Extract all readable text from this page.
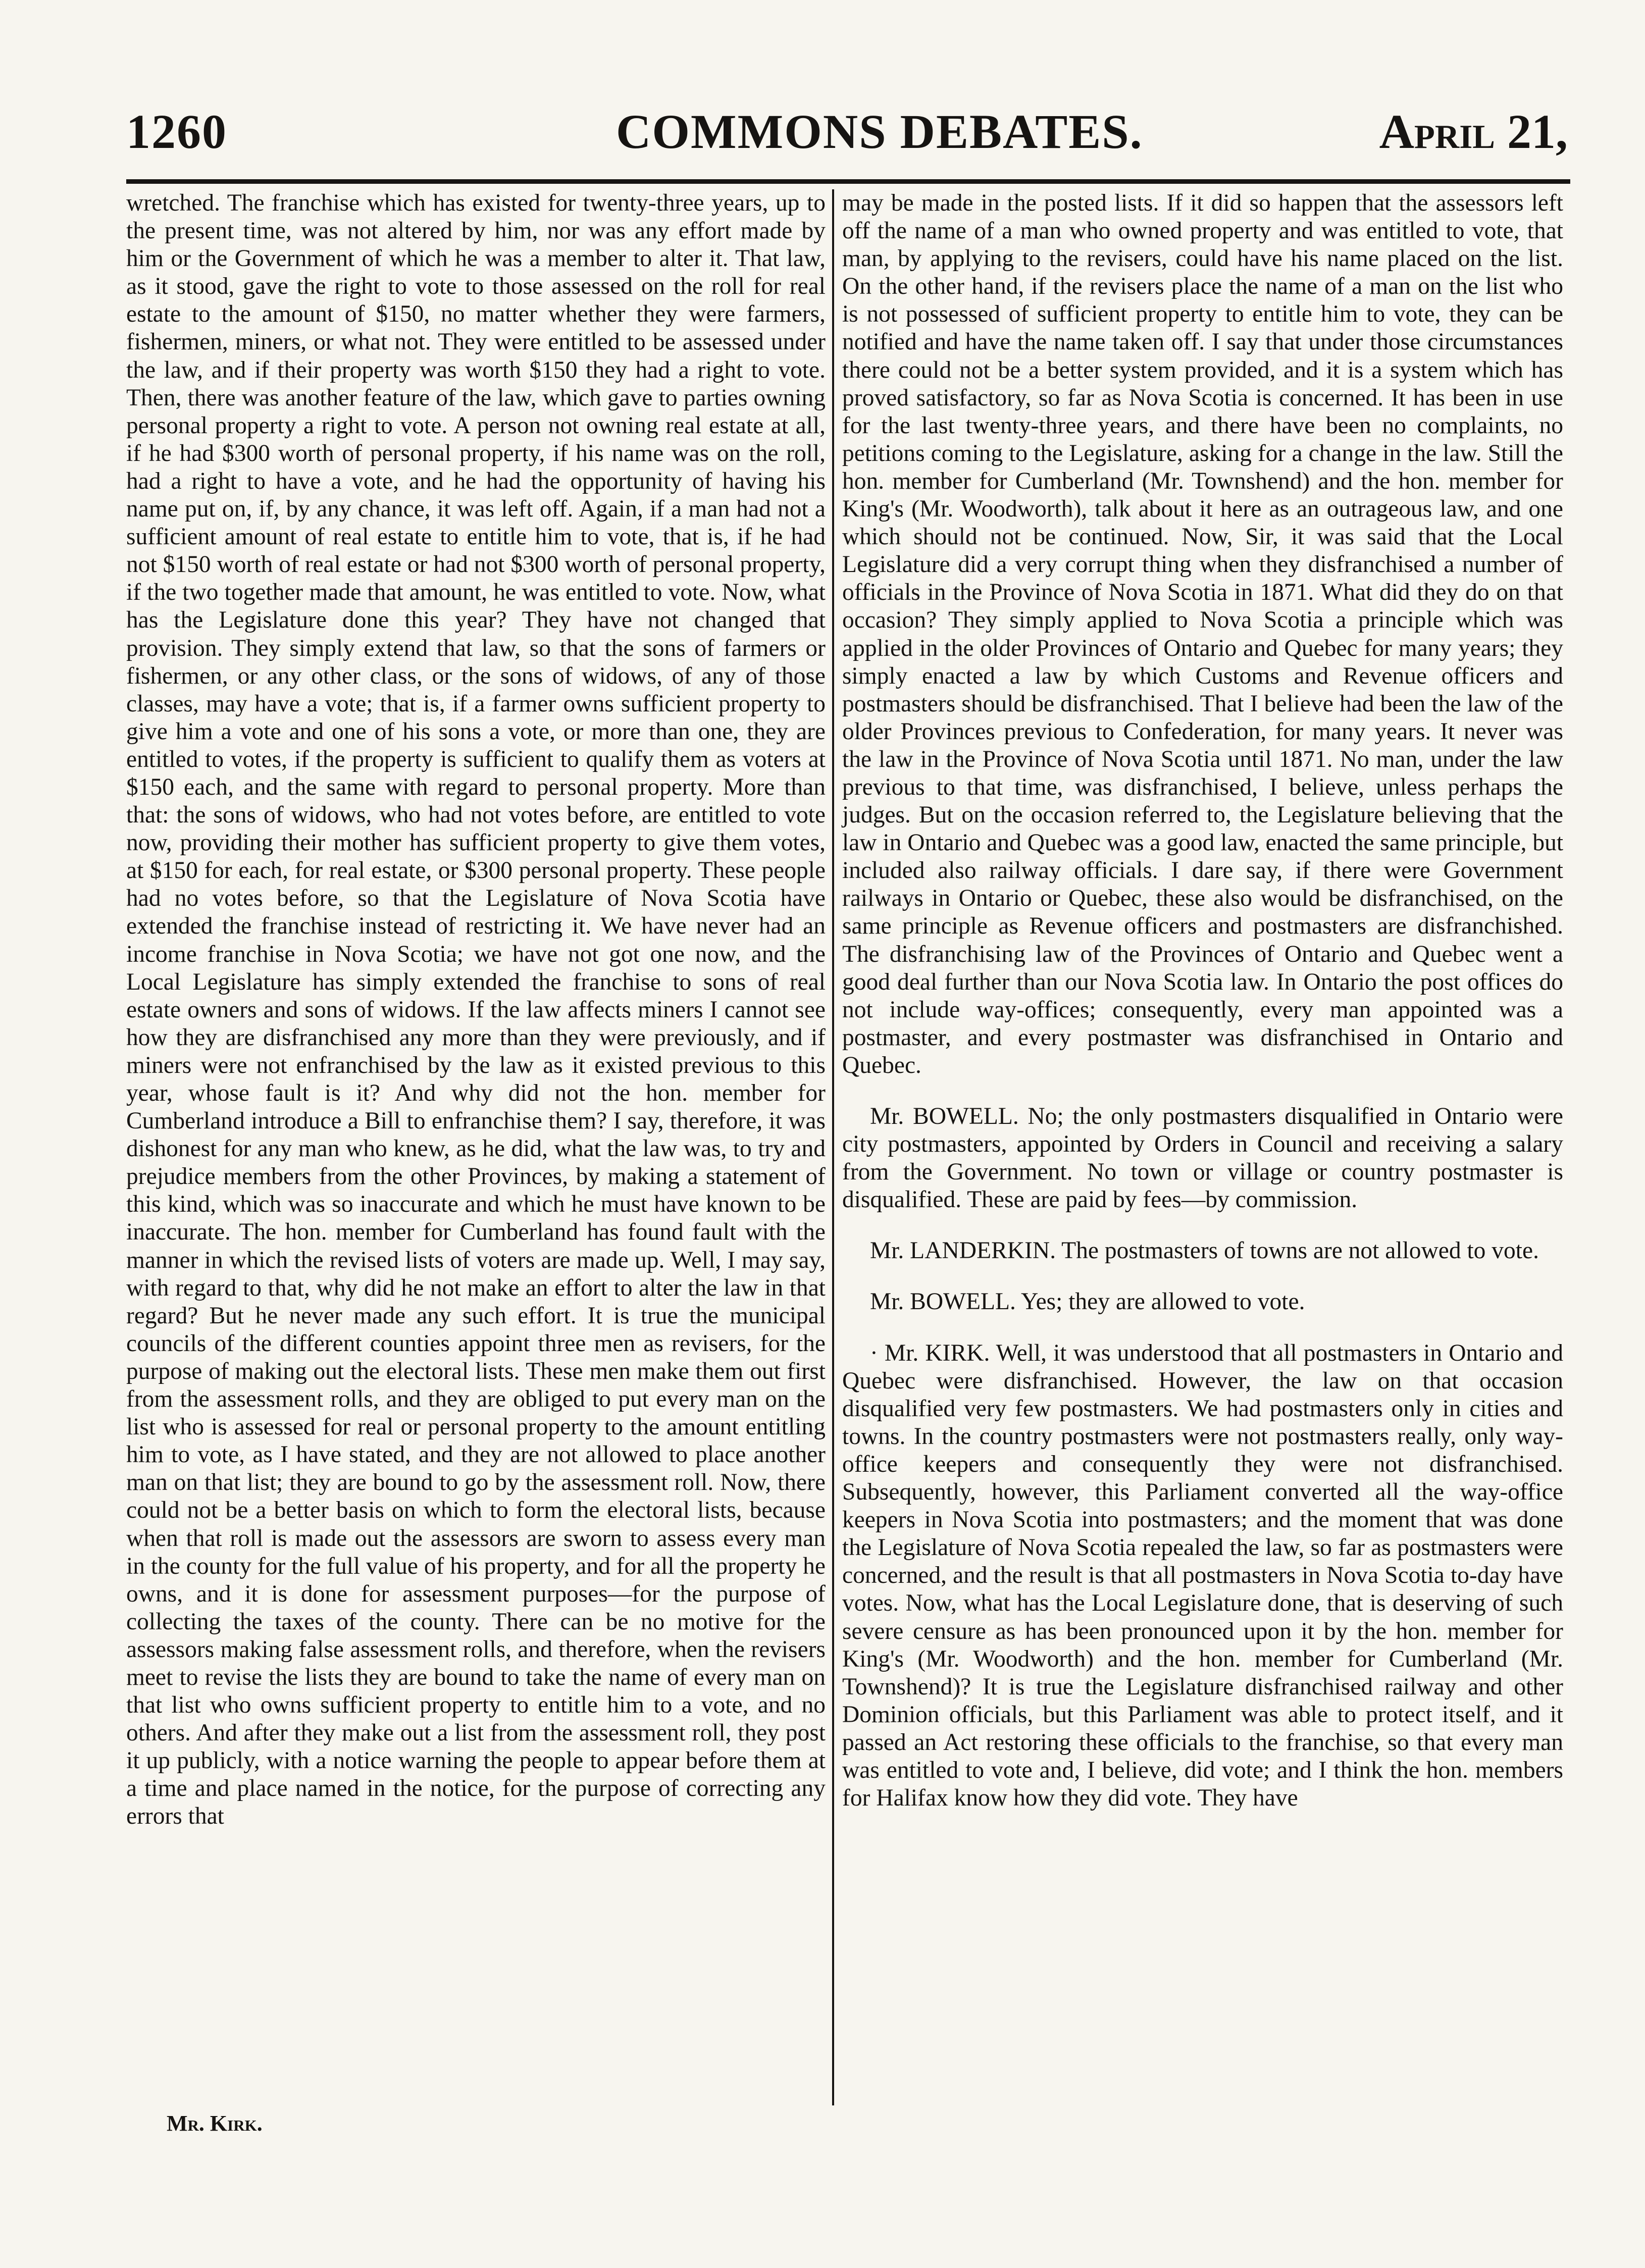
1260	COMMONS DEBATES.	April 21,

wretched. The franchise which has existed for twenty-three years, up to the present time, was not altered by him, nor was any effort made by him or the Government of which he was a member to alter it. That law, as it stood, gave the right to vote to those assessed on the roll for real estate to the amount of $150, no matter whether they were farmers, fishermen, miners, or what not. They were entitled to be assessed under the law, and if their property was worth $150 they had a right to vote. Then, there was another feature of the law, which gave to parties owning personal property a right to vote. A person not owning real estate at all, if he had $300 worth of personal property, if his name was on the roll, had a right to have a vote, and he had the opportunity of having his name put on, if, by any chance, it was left off. Again, if a man had not a sufficient amount of real estate to entitle him to vote, that is, if he had not $150 worth of real estate or had not $300 worth of personal property, if the two together made that amount, he was entitled to vote. Now, what has the Legislature done this year? They have not changed that provision. They simply extend that law, so that the sons of farmers or fishermen, or any other class, or the sons of widows, of any of those classes, may have a vote; that is, if a farmer owns sufficient property to give him a vote and one of his sons a vote, or more than one, they are entitled to votes, if the property is sufficient to qualify them as voters at $150 each, and the same with regard to personal property. More than that: the sons of widows, who had not votes before, are entitled to vote now, providing their mother has sufficient property to give them votes, at $150 for each, for real estate, or $300 personal property. These people had no votes before, so that the Legislature of Nova Scotia have extended the franchise instead of restricting it. We have never had an income franchise in Nova Scotia; we have not got one now, and the Local Legislature has simply extended the franchise to sons of real estate owners and sons of widows. If the law affects miners I cannot see how they are disfranchised any more than they were previously, and if miners were not enfranchised by the law as it existed previous to this year, whose fault is it? And why did not the hon. member for Cumberland introduce a Bill to enfranchise them? I say, therefore, it was dishonest for any man who knew, as he did, what the law was, to try and prejudice members from the other Provinces, by making a statement of this kind, which was so inaccurate and which he must have known to be inaccurate. The hon. member for Cumberland has found fault with the manner in which the revised lists of voters are made up. Well, I may say, with regard to that, why did he not make an effort to alter the law in that regard? But he never made any such effort. It is true the municipal councils of the different counties appoint three men as revisers, for the purpose of making out the electoral lists. These men make them out first from the assessment rolls, and they are obliged to put every man on the list who is assessed for real or personal property to the amount entitling him to vote, as I have stated, and they are not allowed to place another man on that list; they are bound to go by the assessment roll. Now, there could not be a better basis on which to form the electoral lists, because when that roll is made out the assessors are sworn to assess every man in the county for the full value of his property, and for all the property he owns, and it is done for assessment purposes—for the purpose of collecting the taxes of the county. There can be no motive for the assessors making false assessment rolls, and therefore, when the revisers meet to revise the lists they are bound to take the name of every man on that list who owns sufficient property to entitle him to a vote, and no others. And after they make out a list from the assessment roll, they post it up publicly, with a notice warning the people to appear before them at a time and place named in the notice, for the purpose of correcting any errors that

may be made in the posted lists. If it did so happen that the assessors left off the name of a man who owned property and was entitled to vote, that man, by applying to the revisers, could have his name placed on the list. On the other hand, if the revisers place the name of a man on the list who is not possessed of sufficient property to entitle him to vote, they can be notified and have the name taken off. I say that under those circumstances there could not be a better system provided, and it is a system which has proved satisfactory, so far as Nova Scotia is concerned. It has been in use for the last twenty-three years, and there have been no complaints, no petitions coming to the Legislature, asking for a change in the law. Still the hon. member for Cumberland (Mr. Townshend) and the hon. member for King's (Mr. Woodworth), talk about it here as an outrageous law, and one which should not be continued. Now, Sir, it was said that the Local Legislature did a very corrupt thing when they disfranchised a number of officials in the Province of Nova Scotia in 1871. What did they do on that occasion? They simply applied to Nova Scotia a principle which was applied in the older Provinces of Ontario and Quebec for many years; they simply enacted a law by which Customs and Revenue officers and postmasters should be disfranchised. That I believe had been the law of the older Provinces previous to Confederation, for many years. It never was the law in the Province of Nova Scotia until 1871. No man, under the law previous to that time, was disfranchised, I believe, unless perhaps the judges. But on the occasion referred to, the Legislature believing that the law in Ontario and Quebec was a good law, enacted the same principle, but included also railway officials. I dare say, if there were Government railways in Ontario or Quebec, these also would be disfranchised, on the same principle as Revenue officers and postmasters are disfranchished. The disfranchising law of the Provinces of Ontario and Quebec went a good deal further than our Nova Scotia law. In Ontario the post offices do not include way-offices; consequently, every man appointed was a postmaster, and every postmaster was disfranchised in Ontario and Quebec.

Mr. BOWELL. No; the only postmasters disqualified in Ontario were city postmasters, appointed by Orders in Council and receiving a salary from the Government. No town or village or country postmaster is disqualified. These are paid by fees—by commission.

Mr. LANDERKIN. The postmasters of towns are not allowed to vote.

Mr. BOWELL. Yes; they are allowed to vote.

· Mr. KIRK. Well, it was understood that all postmasters in Ontario and Quebec were disfranchised. However, the law on that occasion disqualified very few postmasters. We had postmasters only in cities and towns. In the country postmasters were not postmasters really, only way-office keepers and consequently they were not disfranchised. Subsequently, however, this Parliament converted all the way-office keepers in Nova Scotia into postmasters; and the moment that was done the Legislature of Nova Scotia repealed the law, so far as postmasters were concerned, and the result is that all postmasters in Nova Scotia to-day have votes. Now, what has the Local Legislature done, that is deserving of such severe censure as has been pronounced upon it by the hon. member for King's (Mr. Woodworth) and the hon. member for Cumberland (Mr. Townshend)? It is true the Legislature disfranchised railway and other Dominion officials, but this Parliament was able to protect itself, and it passed an Act restoring these officials to the franchise, so that every man was entitled to vote and, I believe, did vote; and I think the hon. members for Halifax know how they did vote. They have

Mr. Kirk.
